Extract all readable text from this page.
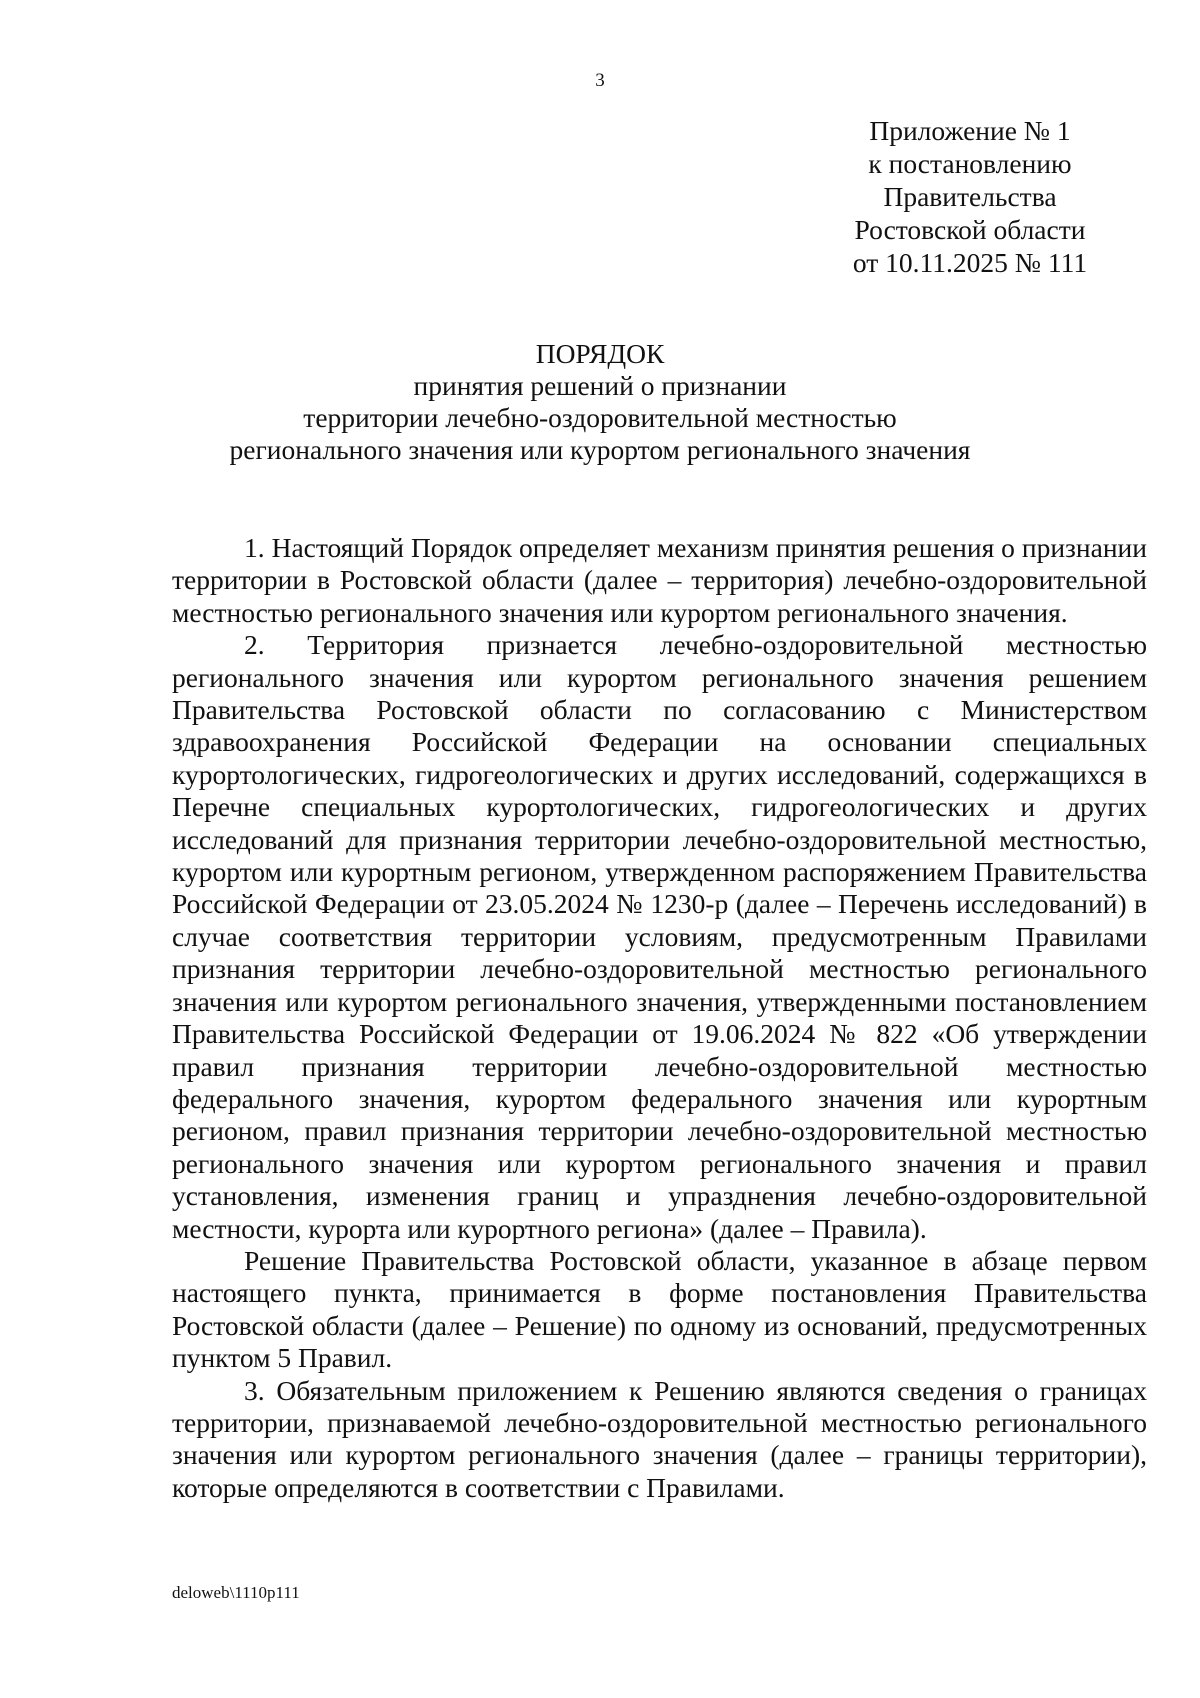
3
Приложение № 1
к постановлению
Правительства
Ростовской области
от 10.11.2025 № 111
ПОРЯДОК
принятия решений о признании
территории лечебно-оздоровительной местностью
регионального значения или курортом регионального значения

1. Настоящий Порядок определяет механизм принятия решения о признании территории в Ростовской области (далее – территория) лечебно-оздоровительной местностью регионального значения или курортом регионального значения.

2. Территория признается лечебно-оздоровительной местностью регионального значения или курортом регионального значения решением Правительства Ростовской области по согласованию с Министерством здравоохранения Российской Федерации на основании специальных курортологических, гидрогеологических и других исследований, содержащихся в Перечне специальных курортологических, гидрогеологических и других исследований для признания территории лечебно-оздоровительной местностью, курортом или курортным регионом, утвержденном распоряжением Правительства Российской Федерации от 23.05.2024 № 1230-р (далее – Перечень исследований) в случае соответствия территории условиям, предусмотренным Правилами признания территории лечебно-оздоровительной местностью регионального значения или курортом регионального значения, утвержденными постановлением Правительства Российской Федерации от 19.06.2024 № 822 «Об утверждении правил признания территории лечебно-оздоровительной местностью федерального значения, курортом федерального значения или курортным регионом, правил признания территории лечебно-оздоровительной местностью регионального значения или курортом регионального значения и правил установления, изменения границ и упразднения лечебно-оздоровительной местности, курорта или курортного региона» (далее – Правила).

Решение Правительства Ростовской области, указанное в абзаце первом настоящего пункта, принимается в форме постановления Правительства Ростовской области (далее – Решение) по одному из оснований, предусмотренных пунктом 5 Правил.

3. Обязательным приложением к Решению являются сведения о границах территории, признаваемой лечебно-оздоровительной местностью регионального значения или курортом регионального значения (далее – границы территории), которые определяются в соответствии с Правилами.

deloweb\1110p111
